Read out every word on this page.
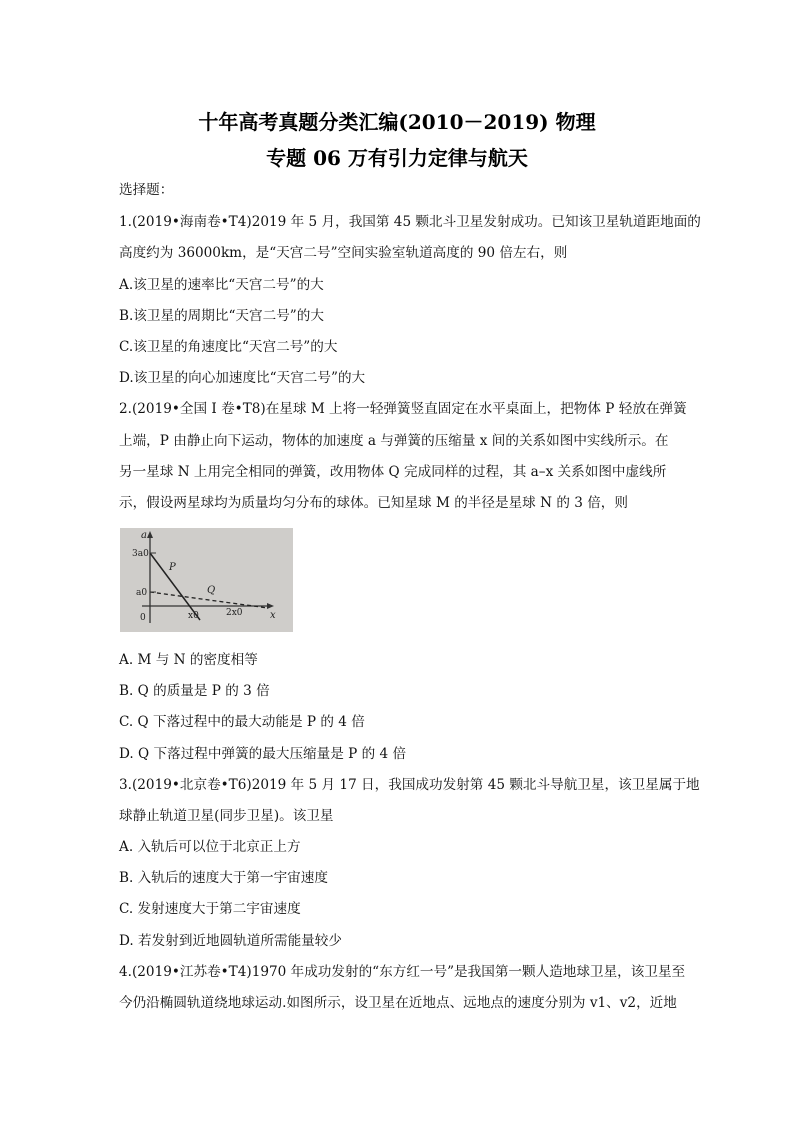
十年高考真题分类汇编(2010－2019) 物理
专题 06 万有引力定律与航天
选择题：
1.(2019•海南卷•T4)2019 年 5 月，我国第 45 颗北斗卫星发射成功。已知该卫星轨道距地面的
高度约为 36000km，是“天宫二号”空间实验室轨道高度的 90 倍左右，则
A.该卫星的速率比“天宫二号”的大
B.该卫星的周期比“天宫二号”的大
C.该卫星的角速度比“天宫二号”的大
D.该卫星的向心加速度比“天宫二号”的大
2.(2019•全国 I 卷•T8)在星球 M 上将一轻弹簧竖直固定在水平桌面上，把物体 P 轻放在弹簧
上端，P 由静止向下运动，物体的加速度 a 与弹簧的压缩量 x 间的关系如图中实线所示。在
另一星球 N 上用完全相同的弹簧，改用物体 Q 完成同样的过程，其 a–x 关系如图中虚线所
示，假设两星球均为质量均匀分布的球体。已知星球 M 的半径是星球 N 的 3 倍，则
a
x
3a0
a0
0	x0	2x0
P
Q
A. M 与 N 的密度相等
B. Q 的质量是 P 的 3 倍
C. Q 下落过程中的最大动能是 P 的 4 倍
D. Q 下落过程中弹簧的最大压缩量是 P 的 4 倍
3.(2019•北京卷•T6)2019 年 5 月 17 日，我国成功发射第 45 颗北斗导航卫星，该卫星属于地
球静止轨道卫星(同步卫星)。该卫星
A. 入轨后可以位于北京正上方
B. 入轨后的速度大于第一宇宙速度
C. 发射速度大于第二宇宙速度
D. 若发射到近地圆轨道所需能量较少
4.(2019•江苏卷•T4)1970 年成功发射的“东方红一号”是我国第一颗人造地球卫星，该卫星至
今仍沿椭圆轨道绕地球运动.如图所示，设卫星在近地点、远地点的速度分别为 v1、v2，近地
